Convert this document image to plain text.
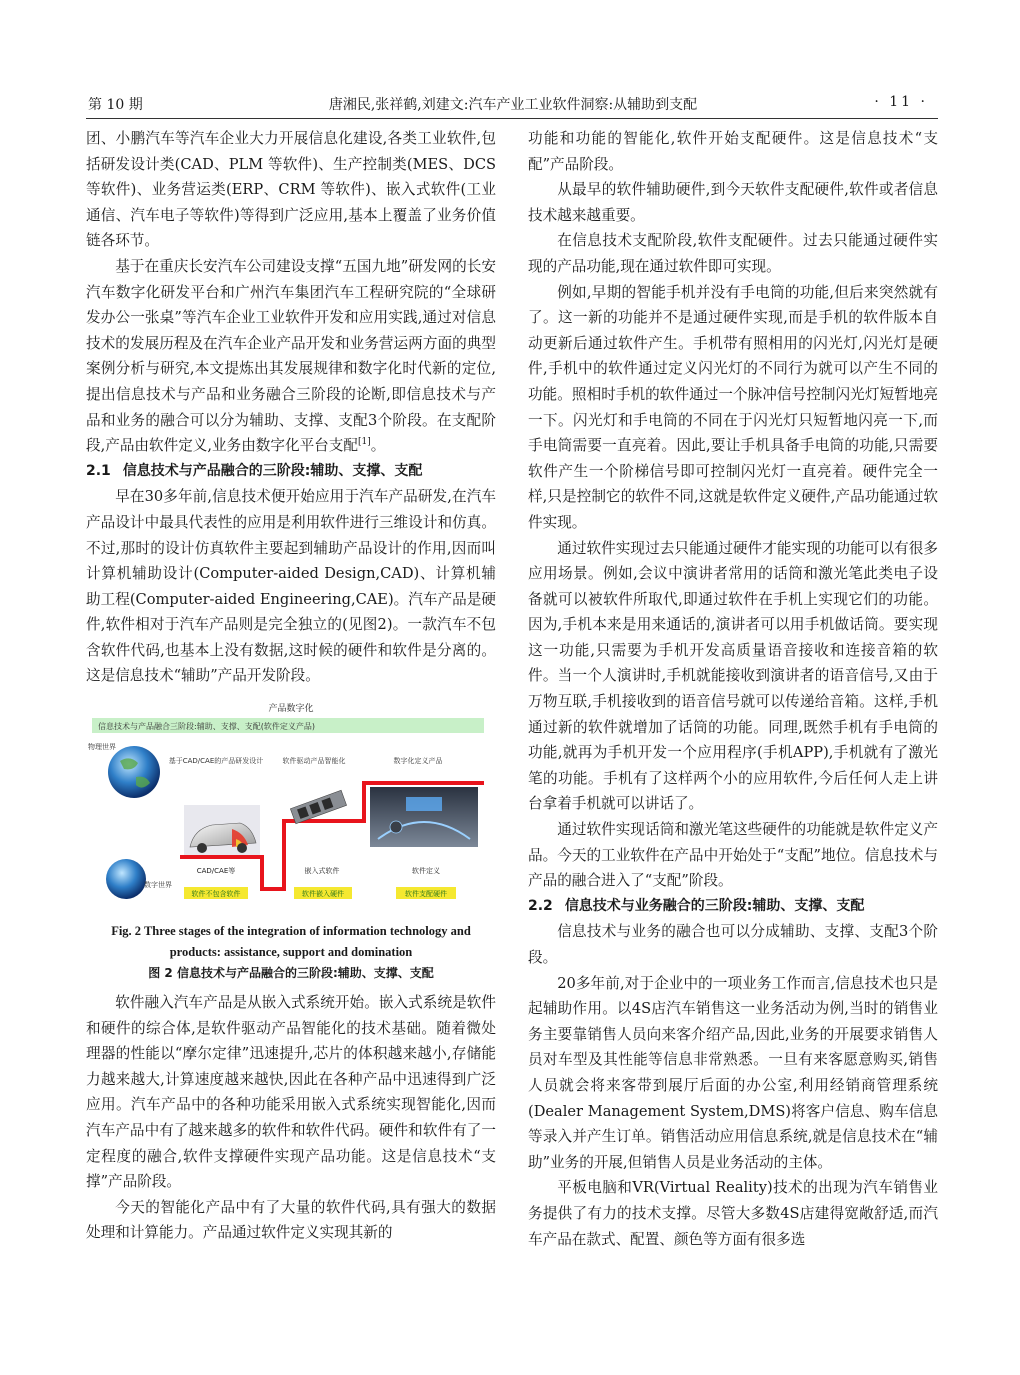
第 10 期	唐湘民,张祥鹤,刘建文:汽车产业工业软件洞察:从辅助到支配	· 11 ·

团、小鹏汽车等汽车企业大力开展信息化建设,各类工业软件,包括研发设计类(CAD、PLM 等软件)、生产控制类(MES、DCS 等软件)、业务营运类(ERP、CRM 等软件)、嵌入式软件(工业通信、汽车电子等软件)等得到广泛应用,基本上覆盖了业务价值链各环节。

基于在重庆长安汽车公司建设支撑“五国九地”研发网的长安汽车数字化研发平台和广州汽车集团汽车工程研究院的“全球研发办公一张桌”等汽车企业工业软件开发和应用实践,通过对信息技术的发展历程及在汽车企业产品开发和业务营运两方面的典型案例分析与研究,本文提炼出其发展规律和数字化时代新的定位,提出信息技术与产品和业务融合三阶段的论断,即信息技术与产品和业务的融合可以分为辅助、支撑、支配3个阶段。在支配阶段,产品由软件定义,业务由数字化平台支配[1]。

2.1 信息技术与产品融合的三阶段:辅助、支撑、支配

早在30多年前,信息技术便开始应用于汽车产品研发,在汽车产品设计中最具代表性的应用是利用软件进行三维设计和仿真。不过,那时的设计仿真软件主要起到辅助产品设计的作用,因而叫计算机辅助设计(Computer-aided Design,CAD)、计算机辅助工程(Computer-aided Engineering,CAE)。汽车产品是硬件,软件相对于汽车产品则是完全独立的(见图2)。一款汽车不包含软件代码,也基本上没有数据,这时候的硬件和软件是分离的。这是信息技术“辅助”产品开发阶段。

产品数字化
信息技术与产品融合三阶段:辅助、支撑、支配(软件定义产品)
物理世界
数字世界
基于CAD/CAE的产品研发设计	软件驱动产品智能化	数字化定义产品
CAD/CAE等	嵌入式软件	软件定义
软件不包含软件	软件嵌入硬件	软件支配硬件
Fig. 2 Three stages of the integration of information technology and
products: assistance, support and domination
图 2 信息技术与产品融合的三阶段:辅助、支撑、支配

软件融入汽车产品是从嵌入式系统开始。嵌入式系统是软件和硬件的综合体,是软件驱动产品智能化的技术基础。随着微处理器的性能以“摩尔定律”迅速提升,芯片的体积越来越小,存储能力越来越大,计算速度越来越快,因此在各种产品中迅速得到广泛应用。汽车产品中的各种功能采用嵌入式系统实现智能化,因而汽车产品中有了越来越多的软件和软件代码。硬件和软件有了一定程度的融合,软件支撑硬件实现产品功能。这是信息技术“支撑”产品阶段。

今天的智能化产品中有了大量的软件代码,具有强大的数据处理和计算能力。产品通过软件定义实现其新的

功能和功能的智能化,软件开始支配硬件。这是信息技术“支配”产品阶段。

从最早的软件辅助硬件,到今天软件支配硬件,软件或者信息技术越来越重要。

在信息技术支配阶段,软件支配硬件。过去只能通过硬件实现的产品功能,现在通过软件即可实现。

例如,早期的智能手机并没有手电筒的功能,但后来突然就有了。这一新的功能并不是通过硬件实现,而是手机的软件版本自动更新后通过软件产生。手机带有照相用的闪光灯,闪光灯是硬件,手机中的软件通过定义闪光灯的不同行为就可以产生不同的功能。照相时手机的软件通过一个脉冲信号控制闪光灯短暂地亮一下。闪光灯和手电筒的不同在于闪光灯只短暂地闪亮一下,而手电筒需要一直亮着。因此,要让手机具备手电筒的功能,只需要软件产生一个阶梯信号即可控制闪光灯一直亮着。硬件完全一样,只是控制它的软件不同,这就是软件定义硬件,产品功能通过软件实现。

通过软件实现过去只能通过硬件才能实现的功能可以有很多应用场景。例如,会议中演讲者常用的话筒和激光笔此类电子设备就可以被软件所取代,即通过软件在手机上实现它们的功能。因为,手机本来是用来通话的,演讲者可以用手机做话筒。要实现这一功能,只需要为手机开发高质量语音接收和连接音箱的软件。当一个人演讲时,手机就能接收到演讲者的语音信号,又由于万物互联,手机接收到的语音信号就可以传递给音箱。这样,手机通过新的软件就增加了话筒的功能。同理,既然手机有手电筒的功能,就再为手机开发一个应用程序(手机APP),手机就有了激光笔的功能。手机有了这样两个小的应用软件,今后任何人走上讲台拿着手机就可以讲话了。

通过软件实现话筒和激光笔这些硬件的功能就是软件定义产品。今天的工业软件在产品中开始处于“支配”地位。信息技术与产品的融合进入了“支配”阶段。

2.2 信息技术与业务融合的三阶段:辅助、支撑、支配

信息技术与业务的融合也可以分成辅助、支撑、支配3个阶段。

20多年前,对于企业中的一项业务工作而言,信息技术也只是起辅助作用。以4S店汽车销售这一业务活动为例,当时的销售业务主要靠销售人员向来客介绍产品,因此,业务的开展要求销售人员对车型及其性能等信息非常熟悉。一旦有来客愿意购买,销售人员就会将来客带到展厅后面的办公室,利用经销商管理系统(Dealer Management System,DMS)将客户信息、购车信息等录入并产生订单。销售活动应用信息系统,就是信息技术在“辅助”业务的开展,但销售人员是业务活动的主体。

平板电脑和VR(Virtual Reality)技术的出现为汽车销售业务提供了有力的技术支撑。尽管大多数4S店建得宽敞舒适,而汽车产品在款式、配置、颜色等方面有很多选
